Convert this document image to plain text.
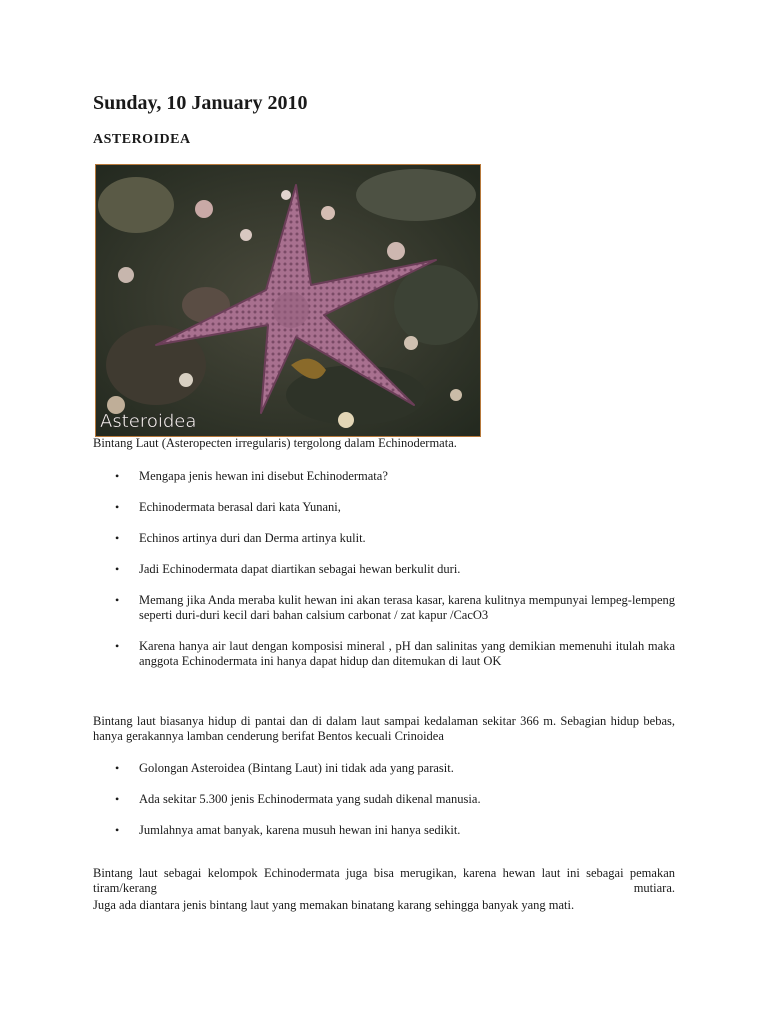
Sunday, 10 January 2010
ASTEROIDEA
Asteroidea
Bintang Laut (Asteropecten irregularis) tergolong dalam Echinodermata.
• Mengapa jenis hewan ini disebut Echinodermata?
• Echinodermata berasal dari kata Yunani,
• Echinos artinya duri dan Derma artinya kulit.
• Jadi Echinodermata dapat diartikan sebagai hewan berkulit duri.
• Memang jika Anda meraba kulit hewan ini akan terasa kasar, karena kulitnya mempunyai lempeg-lempeng seperti duri-duri kecil dari bahan calsium carbonat / zat kapur /CacO3
• Karena hanya air laut dengan komposisi mineral , pH dan salinitas yang demikian memenuhi itulah maka anggota Echinodermata ini hanya dapat hidup dan ditemukan di laut OK

Bintang laut biasanya hidup di pantai dan di dalam laut sampai kedalaman sekitar 366 m. Sebagian hidup bebas, hanya gerakannya lamban cenderung berifat Bentos kecuali Crinoidea

• Golongan Asteroidea (Bintang Laut) ini tidak ada yang parasit.
• Ada sekitar 5.300 jenis Echinodermata yang sudah dikenal manusia.
• Jumlahnya amat banyak, karena musuh hewan ini hanya sedikit.

Bintang laut sebagai kelompok Echinodermata juga bisa merugikan, karena hewan laut ini sebagai pemakan tiram/kerang mutiara.

Juga ada diantara jenis bintang laut yang memakan binatang karang sehingga banyak yang mati.
